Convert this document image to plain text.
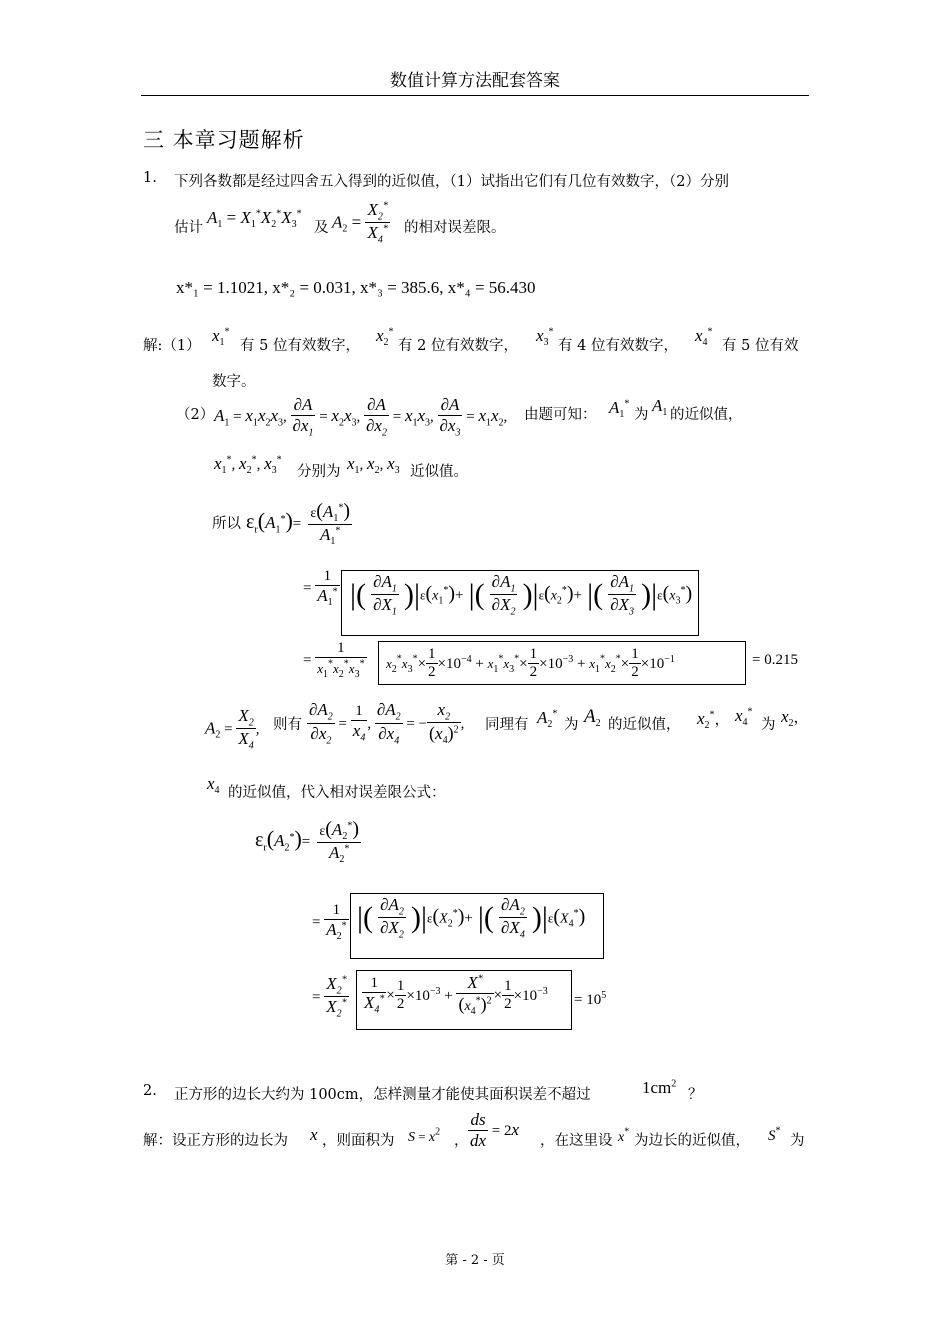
数值计算方法配套答案
三 本章习题解析
1. 下列各数都是经过四舍五入得到的近似值，（1）试指出它们有几位有效数字，（2）分别
估计
$A_1 = X_1^*X_2^*X_3^*$
及 $A_2 = \frac{X_2^*}{X_4^*}$ 的相对误差限。
x*₁ = 1.1021, x*₂ = 0.031, x*₃ = 385.6, x*₄ = 56.430
解:（1）
$x_1^*$
有 5 位有效数字，
$x_2^*$
有 2 位有效数字，
$x_3^*$
有 4 位有效数字，
$x_4^*$
有 5 位有效
数字。
（2） $A_1 = x_1x_2x_3$, $\frac{\partial A}{\partial x_1} = x_2x_3$, $\frac{\partial A}{\partial x_2} = x_1x_3$, $\frac{\partial A}{\partial x_3} = x_1x_2$, 由题可知： $A_1^*$
为 $A_1$ 的近似值，
$x_1^*$, $x_2^*$, $x_3^*$
分别为 $x_1$, $x_2$, $x_3$ 近似值。
所以 $\varepsilon_r(A_1^*)= \frac{\varepsilon(A_1^*)}{A_1^*}$
= $\frac{1}{A_1^*}$ |( $\frac{\partial A_1}{\partial X_1} )|\varepsilon(x_1^*)+$ |( $\frac{\partial A_1}{\partial X_2} )|\varepsilon(x_2^*)+$ |( $\frac{\partial A_1}{\partial X_3} )|\varepsilon(x_3^*)$
= $\frac{1}{x_1^*x_2^*x_3^*} x_2^*x_3^*\times \frac{1}{2} \times 10^{-4} + x_1^*x_3^*\times \frac{1}{2} \times 10^{-3} + x_1^*x_2^*\times \frac{1}{2} \times 10^{-1}$	= 0.215
$A_2 = \frac{X_2}{X_4}$ , 则有 $\frac{\partial A_2}{\partial x_2} = \frac{1}{x_4}$ , $\frac{\partial A_2}{\partial x_4}$ = − $\frac{x_2}{(x_4)^2}$ , 同理有 $A_2^*$
为 $A_2$ 的近似值， $x_2^*$， $x_4^*$
为 $x_2$，
$x_4$ 的近似值，代入相对误差限公式：
$\varepsilon_r(A_2^*)= \frac{\varepsilon(A_2^*)}{A_2^*}$
= $\frac{1}{A_2^*}$ |( $\frac{\partial A_2}{\partial X_2} )|\varepsilon(X_2^*)+$ |( $\frac{\partial A_2}{\partial X_4} )|\varepsilon(X_4^*)$
= $\frac{X_2^*}{X_2^*} \frac{1}{X_4^*} \times \frac{1}{2} \times 10^{-3} + \frac{X^*}{(x_4^*)^2} \times \frac{1}{2} \times 10^{-3}$
= $10^5$
2. 正方形的边长大约为 100cm，怎样测量才能使其面积误差不超过	$1cm^2$
？
解：设正方形的边长为 x ，则面积为 $S = x^2$
， $\frac{ds}{dx} = 2x$
，在这里设 x*
为边长的近似值， S*
为
第 - 2 - 页
